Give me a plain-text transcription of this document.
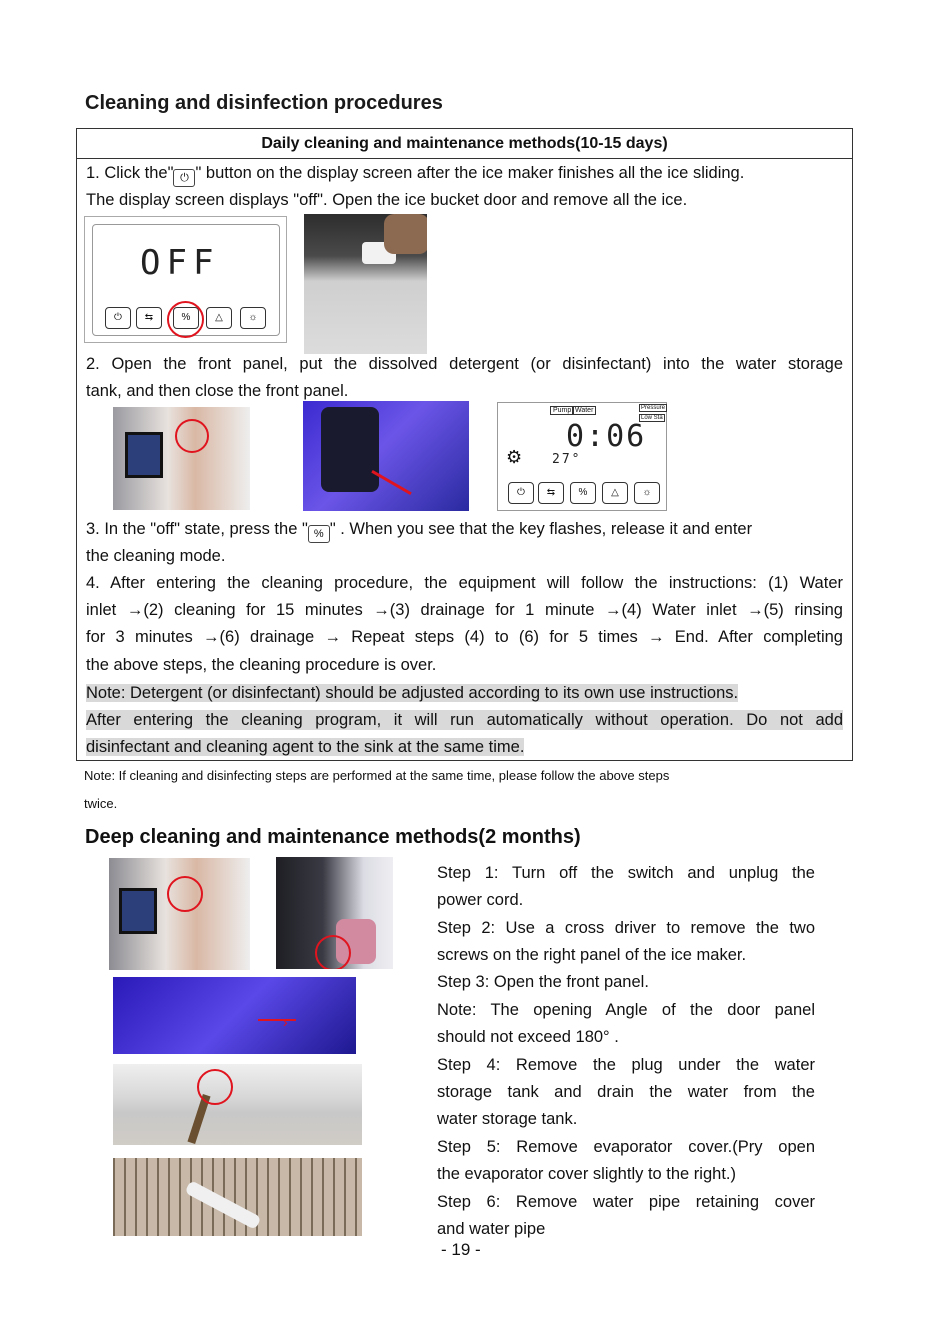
Cleaning and disinfection procedures
Daily cleaning and maintenance methods(10-15 days)
1. Click the" ⏻ " button on the display screen after the ice maker finishes all the ice sliding.
The display screen displays "off". Open the ice bucket door and remove all the ice.
OFF
⏻	⇆	%	△	☼
2. Open the front panel, put the dissolved detergent (or disinfectant) into the water storage
tank, and then close the front panel.
Pump Water	Pressure
Low Sta
0:06
⚙ 27°
⏻	⇆	%	△	☼
3. In the "off" state, press the " % " . When you see that the key flashes, release it and enter
the cleaning mode.
4. After entering the cleaning procedure, the equipment will follow the instructions: (1) Water
inlet →(2) cleaning for 15 minutes →(3) drainage for 1 minute →(4) Water inlet →(5) rinsing
for 3 minutes →(6) drainage → Repeat steps (4) to (6) for 5 times → End. After completing
the above steps, the cleaning procedure is over.
Note: Detergent (or disinfectant) should be adjusted according to its own use instructions.
After entering the cleaning program, it will run automatically without operation. Do not add
disinfectant and cleaning agent to the sink at the same time.
Note: If cleaning and disinfecting steps are performed at the same time, please follow the above steps
twice.
Deep cleaning and maintenance methods(2 months)
›
Step 1: Turn off the switch and unplug the
power cord.
Step 2: Use a cross driver to remove the two
screws on the right panel of the ice maker.
Step 3: Open the front panel.
Note: The opening Angle of the door panel
should not exceed 180° .
Step 4: Remove the plug under the water
storage tank and drain the water from the
water storage tank.
Step 5: Remove evaporator cover.(Pry open
the evaporator cover slightly to the right.)
Step 6: Remove water pipe retaining cover
and water pipe
- 19 -
